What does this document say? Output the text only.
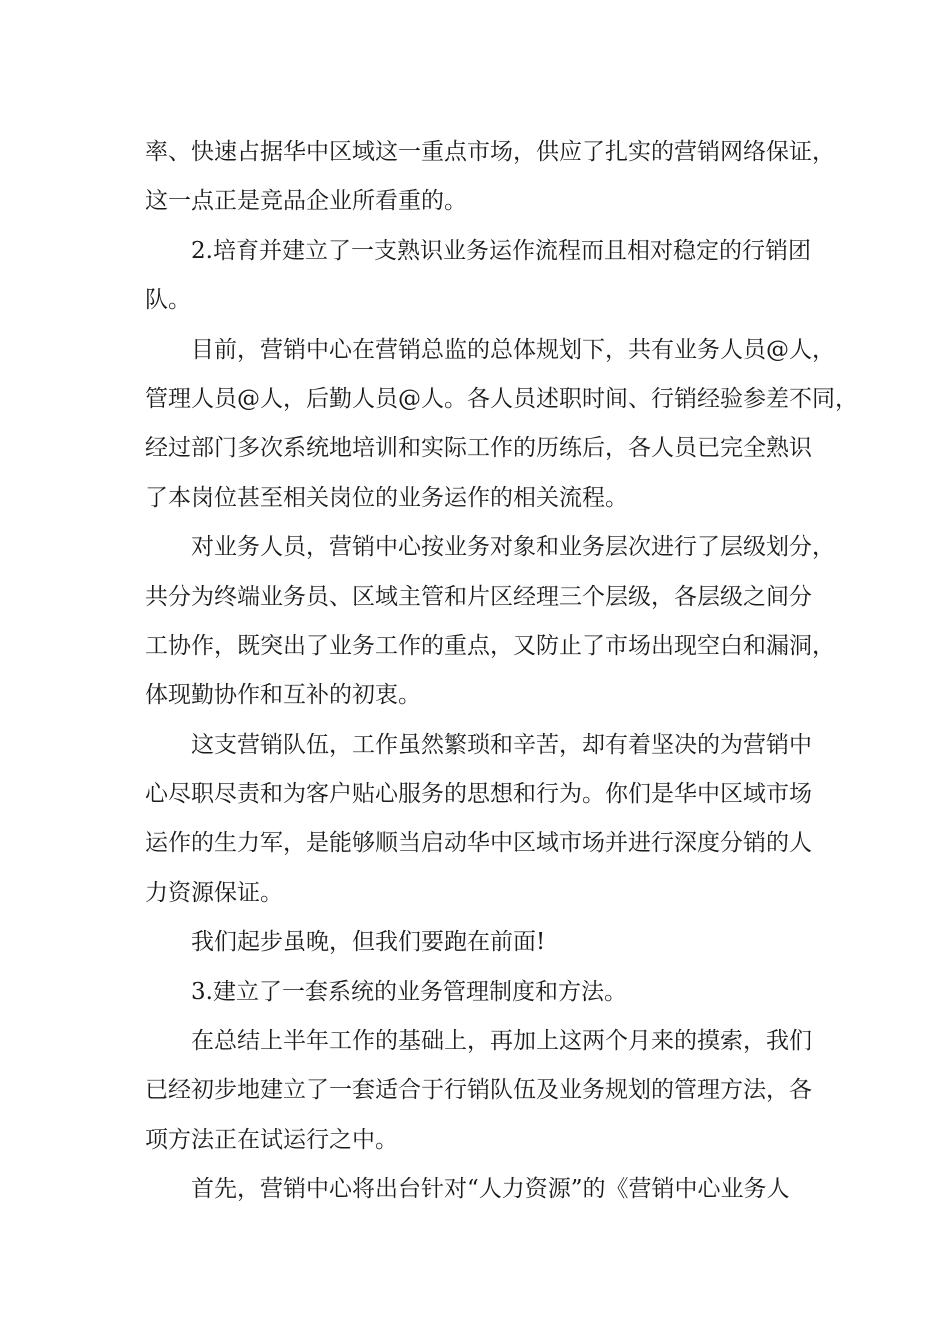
率、快速占据华中区域这一重点市场，供应了扎实的营销网络保证，
这一点正是竞品企业所看重的。
2.培育并建立了一支熟识业务运作流程而且相对稳定的行销团
队。
目前，营销中心在营销总监的总体规划下，共有业务人员@人，
管理人员@人，后勤人员@人。各人员述职时间、行销经验参差不同，
经过部门多次系统地培训和实际工作的历练后，各人员已完全熟识
了本岗位甚至相关岗位的业务运作的相关流程。
对业务人员，营销中心按业务对象和业务层次进行了层级划分，
共分为终端业务员、区域主管和片区经理三个层级，各层级之间分
工协作，既突出了业务工作的重点，又防止了市场出现空白和漏洞，
体现勤协作和互补的初衷。
这支营销队伍，工作虽然繁琐和辛苦，却有着坚决的为营销中
心尽职尽责和为客户贴心服务的思想和行为。你们是华中区域市场
运作的生力军，是能够顺当启动华中区域市场并进行深度分销的人
力资源保证。
我们起步虽晚，但我们要跑在前面!
3.建立了一套系统的业务管理制度和方法。
在总结上半年工作的基础上，再加上这两个月来的摸索，我们
已经初步地建立了一套适合于行销队伍及业务规划的管理方法，各
项方法正在试运行之中。
首先，营销中心将出台针对“人力资源”的《营销中心业务人
